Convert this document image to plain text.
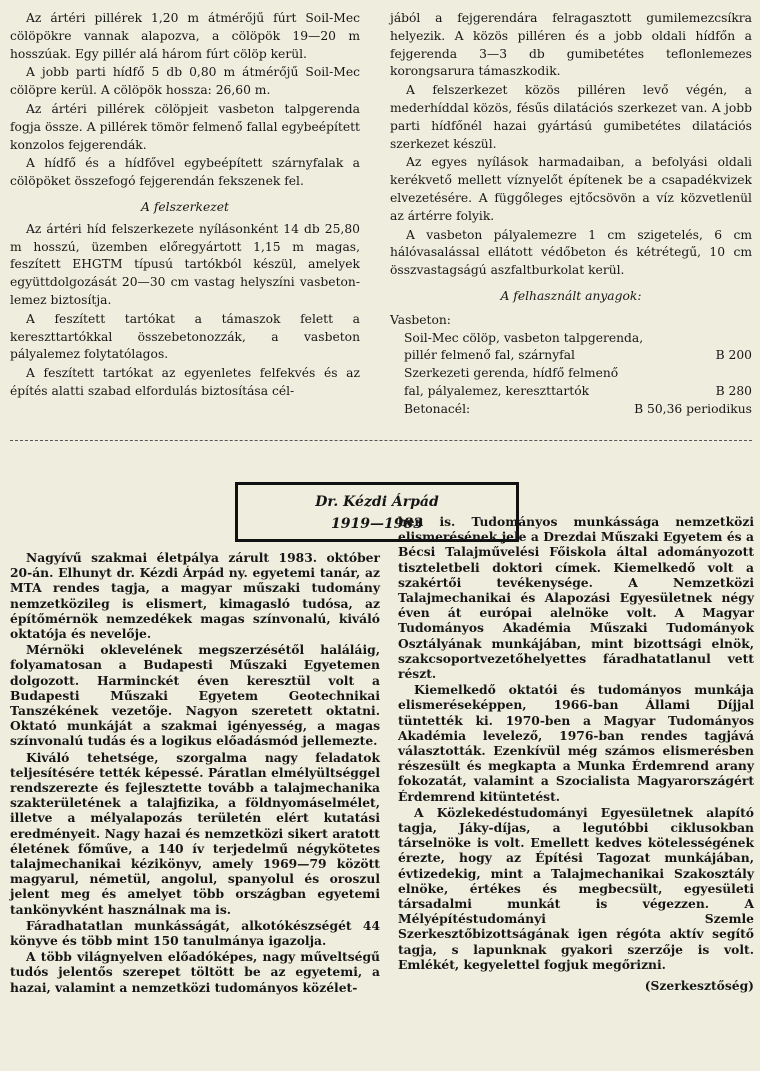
Az ártéri pillérek 1,20 m átmérőjű fúrt Soil-Mec cölöpökre vannak alapozva, a cölöpök 19—20 m hosszúak. Egy pillér alá három fúrt cölöp kerül.

A jobb parti hídfő 5 db 0,80 m átmérőjű Soil-Mec cölöpre kerül. A cölöpök hossza: 26,60 m.

Az ártéri pillérek cölöpjeit vasbeton talpgerenda fogja össze. A pillérek tömör felmenő fallal egybeépített konzolos fejgerendák.

A hídfő és a hídfővel egybeépített szárnyfalak a cölöpöket összefogó fejgerendán fekszenek fel.

A felszerkezet

Az ártéri híd felszerkezete nyílásonként 14 db 25,80 m hosszú, üzemben előregyártott 1,15 m magas, feszített EHGTM típusú tartókból készül, amelyek együttdolgozását 20—30 cm vastag helyszíni vasbeton-lemez biztosítja.

A feszített tartókat a támaszok felett a kereszttartókkal összebetonozzák, a vasbeton pályalemez folytatólagos.

A feszített tartókat az egyenletes felfekvés és az építés alatti szabad elfordulás biztosítása cél-

jából a fejgerendára felragasztott gumilemezcsíkra helyezik. A közös pilléren és a jobb oldali hídfőn a fejgerenda 3—3 db gumibetétes teflonlemezes korongsarura támaszkodik.

A felszerkezet közös pilléren levő végén, a mederhíddal közös, fésűs dilatációs szerkezet van. A jobb parti hídfőnél hazai gyártású gumibetétes dilatációs szerkezet készül.

Az egyes nyílások harmadaiban, a befolyási oldali kerékvető mellett víznyelőt építenek be a csapadékvizek elvezetésére. A függőleges ejtőcsövön a víz közvetlenül az ártérre folyik.

A vasbeton pályalemezre 1 cm szigetelés, 6 cm hálóvasalással ellátott védőbeton és kétrétegű, 10 cm összvastagságú aszfaltburkolat kerül.

A felhasznált anyagok:

Vasbeton:
Soil-Mec cölöp, vasbeton talpgerenda,
pillér felmenő fal, szárnyfal	B 200
Szerkezeti gerenda, hídfő felmenő
fal, pályalemez, kereszttartók	B 280
Betonacél:	B 50,36 periodikus
Dr. Kézdi Árpád
1919—1983

Nagyívű szakmai életpálya zárult 1983. október 20-án. Elhunyt dr. Kézdi Árpád ny. egyetemi tanár, az MTA rendes tagja, a magyar műszaki tudomány nemzetközileg is elismert, kimagasló tudósa, az építőmérnök nemzedékek magas színvonalú, kiváló oktatója és nevelője.

Mérnöki oklevelének megszerzésétől haláláig, folyamatosan a Budapesti Műszaki Egyetemen dolgozott. Harminckét éven keresztül volt a Budapesti Műszaki Egyetem Geotechnikai Tanszékének vezetője. Nagyon szeretett oktatni. Oktató munkáját a szakmai igényesség, a magas színvonalú tudás és a logikus előadásmód jellemezte.

Kiváló tehetsége, szorgalma nagy feladatok teljesítésére tették képessé. Páratlan elmélyültséggel rendszerezte és fejlesztette tovább a talajmechanika szakterületének a talajfizika, a földnyomáselmélet, illetve a mélyalapozás területén elért kutatási eredményeit. Nagy hazai és nemzetközi sikert aratott életének főműve, a 140 ív terjedelmű négykötetes talajmechanikai kézikönyv, amely 1969—79 között magyarul, németül, angolul, spanyolul és oroszul jelent meg és amelyet több országban egyetemi tankönyvként használnak ma is.

Fáradhatatlan munkásságát, alkotókészségét 44 könyve és több mint 150 tanulmánya igazolja.

A több világnyelven előadóképes, nagy műveltségű tudós jelentős szerepet töltött be az egyetemi, a hazai, valamint a nemzetközi tudományos közélet-

ben is. Tudományos munkássága nemzetközi elismerésének jele a Drezdai Műszaki Egyetem és a Bécsi Talajművelési Főiskola által adományozott tiszteletbeli doktori címek. Kiemelkedő volt a szakértői tevékenysége. A Nemzetközi Talajmechanikai és Alapozási Egyesületnek négy éven át európai alelnöke volt. A Magyar Tudományos Akadémia Műszaki Tudományok Osztályának munkájában, mint bizottsági elnök, szakcsoportvezetőhelyettes fáradhatatlanul vett részt.

Kiemelkedő oktatói és tudományos munkája elismeréseképpen, 1966-ban Állami Díjjal tüntették ki. 1970-ben a Magyar Tudományos Akadémia levelező, 1976-ban rendes tagjává választották. Ezenkívül még számos elismerésben részesült és megkapta a Munka Érdemrend arany fokozatát, valamint a Szocialista Magyarországért Érdemrend kitüntetést.

A Közlekedéstudományi Egyesületnek alapító tagja, Jáky-díjas, a legutóbbi ciklusokban társelnöke is volt. Emellett kedves kötelességének érezte, hogy az Építési Tagozat munkájában, évtizedekig, mint a Talajmechanikai Szakosztály elnöke, értékes és megbecsült, egyesületi társadalmi munkát is végezzen. A Mélyépítéstudományi Szemle Szerkesztőbizottságának igen régóta aktív segítő tagja, s lapunknak gyakori szerzője is volt. Emlékét, kegyelettel fogjuk megőrizni.

(Szerkesztőség)
